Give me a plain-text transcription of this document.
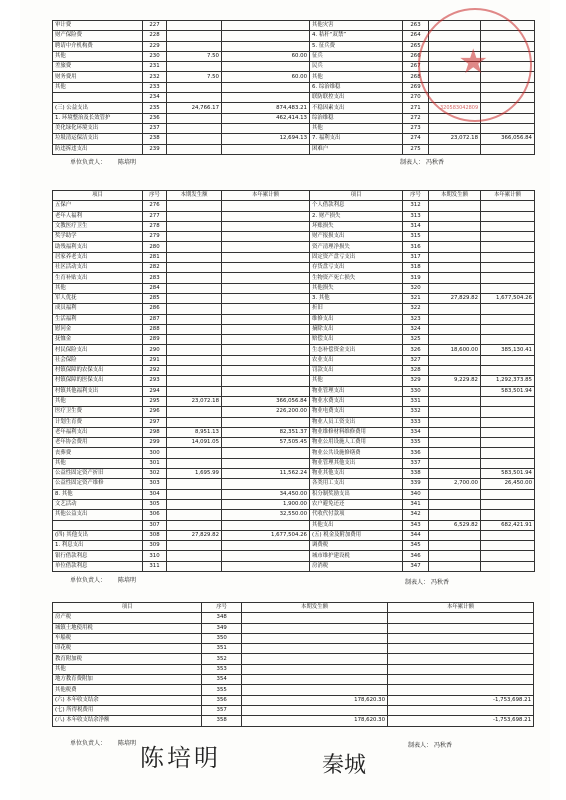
审计费	227			其他灾害	263		
财产保险费	228			4. 秸秆“双禁”	264		
聘请中介机构费	229			5. 征兵费	265		
其他	230	7.50	60.00	征兵	266		
差旅费	231			民兵	267		
财务费用	232	7.50	60.00	其他	268		
其他	233			6. 综治维稳	269		
	234			联防联控支出	270		
(三) 公益支出	235	24,766.17	874,483.21	不稳因素支出	271		
1. 环境整治及长效管护	236		462,414.13	综治维稳	272		
美化绿化环境支出	237			其他	273		
垃圾清运保洁支出	238		12,694.13	7. 福利支出	274	23,072.18	366,056.84
防违拆违支出	239			困难户	275		
单位负责人： 陈培明	制表人： 冯秋香
项目	序号	本期发生额	本年累计额	项目	序号	本期发生额	本年累计额
五保户	276			个人借款利息	312		
老年人福利	277			2. 财产损失	313		
文教医疗卫生	278			坏账损失	314		
奖学助学	279			财产报损支出	315		
助残福利支出	280			资产清理净损失	316		
居家养老支出	281			固定资产盘亏支出	317		
社区活动支出	282			存货盘亏支出	318		
生育补贴支出	283			生物资产死亡损失	319		
其他	284			其他损失	320		
军人优抚	285			3. 其他	321	27,829.82	1,677,504.26
成员福利	286			折旧	322		
生活福利	287			维修支出	323		
慰问金	288			摘除支出	324		
抚恤金	289			赔偿支出	325		
村民保险支出	290			生态补偿资金支出	326	18,600.00	385,130.41
社会保险	291			农业支出	327		
村镇保障的农保支出	292			罚款支出	328		
村镇保障的医保支出	293			其他	329	9,229.82	1,292,373.85
村镇其他福利支出	294			物业管理支出	330		583,501.94
其他	295	23,072.18	366,056.84	物业水费支出	331		
医疗卫生费	296		226,200.00	物业电费支出	332		
计划生育费	297			物业人员工资支出	333		
老年福利支出	298	8,951.13	82,351.37	物业维修材料维修费用	334		
老年协会费用	299	14,091.05	57,505.45	物业公用设施人工费用	335		
丧葬费	300			物业公共设施修缮费	336		
其他	301			物业管理其他支出	337		
公益性固定资产折旧	302	1,695.99	11,562.24	物业其他支出	338		583,501.94
公益性固定资产维修	303			各类用工支出	339	2,700.00	26,450.00
8. 其他	304		34,450.00	积分制奖励支出	340		
文艺活动	305		1,900.00	农户避免还还	341		
其他公益支出	306		32,550.00	代收代付款项	342		
	307			其他支出	343	6,529.82	682,421.91
(四) 其他支出	308	27,829.82	1,677,504.26	(五) 税金及附加费用	344		
1. 利息支出	309			调费税	345		
银行借款利息	310			城市维护建设税	346		
单位借款利息	311			房消税	347		
单位负责人： 陈培明	制表人： 冯秋香
项目	序号	本期发生额	本年累计额
房产税	348		
城镇土地使用税	349		
车船税	350		
印花税	351		
教育附加税	352		
其他	353		
地方教育费附加	354		
其他税费	355		
(六) 本年收支结余	356	178,620.30	-1,753,698.21
(七) 所得税费用	357		
(八) 本年收支结余净额	358	178,620.30	-1,753,698.21
单位负责人： 陈培明	制表人： 冯秋香
★
320583042809
陈培明	秦城
